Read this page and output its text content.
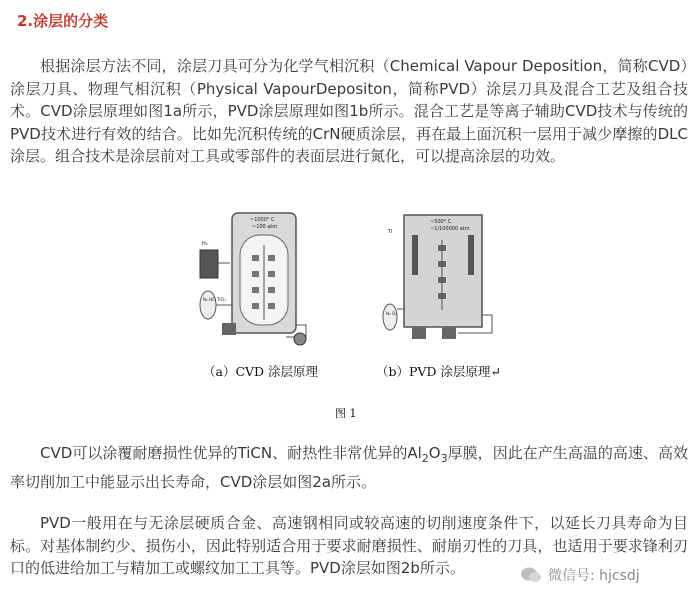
2.涂层的分类
根据涂层方法不同，涂层刀具可分为化学气相沉积（Chemical Vapour Deposition，简称CVD）涂层刀具、物理气相沉积（Physical VapourDepositon，简称PVD）涂层刀具及混合工艺及组合技术。CVD涂层原理如图1a所示，PVD涂层原理如图1b所示。混合工艺是等离子辅助CVD技术与传统的PVD技术进行有效的结合。比如先沉积传统的CrN硬质涂层，再在最上面沉积一层用于减少摩擦的DLC涂层。组合技术是涂层前对工具或零部件的表面层进行氮化，可以提高涂层的功效。
~1000° C
~100 atm
H₂
N₂ HCl TiCl₄
~500° C
~1/100000 atm
Ti
N₂ O₂
（a）CVD 涂层原理	（b）PVD 涂层原理↵
图 1
CVD可以涂覆耐磨损性优异的TiCN、耐热性非常优异的$Al_2O_3$厚膜，因此在产生高温的高速、高效率切削加工中能显示出长寿命，CVD涂层如图2a所示。
PVD一般用在与无涂层硬质合金、高速钢相同或较高速的切削速度条件下，以延长刀具寿命为目标。对基体制约少、损伤小，因此特别适合用于要求耐磨损性、耐崩刃性的刀具，也适用于要求锋利刃口的低进给加工与精加工或螺纹加工工具等。PVD涂层如图2b所示。	微信号: hjcsdj
